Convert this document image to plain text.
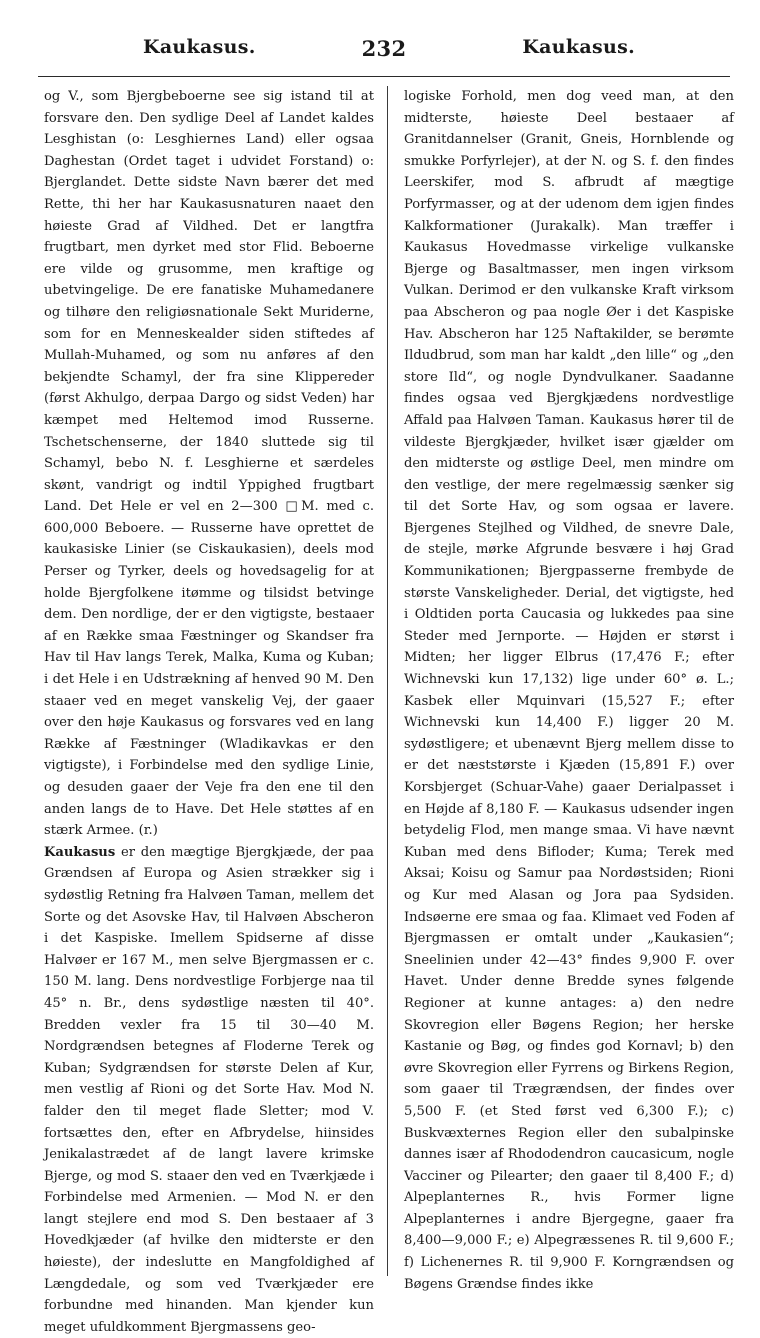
Kaukasus.	232	Kaukasus.

og V., som Bjergbeboerne see sig istand til at forsvare den. Den sydlige Deel af Landet kaldes Lesghistan (o: Lesghiernes Land) eller ogsaa Daghestan (Ordet taget i udvidet Forstand) o: Bjerglandet. Dette sidste Navn bærer det med Rette, thi her har Kaukasusnaturen naaet den høieste Grad af Vildhed. Det er langtfra frugtbart, men dyrket med stor Flid. Beboerne ere vilde og grusomme, men kraftige og ubetvingelige. De ere fanatiske Muhamedanere og tilhøre den religiøsnationale Sekt Muriderne, som for en Menneskealder siden stiftedes af Mullah-Muhamed, og som nu anføres af den bekjendte Schamyl, der fra sine Klippereder (først Akhulgo, derpaa Dargo og sidst Veden) har kæmpet med Heltemod imod Russerne. Tschetschenserne, der 1840 sluttede sig til Schamyl, bebo N. f. Lesghierne et særdeles skønt, vandrigt og indtil Yppighed frugtbart Land. Det Hele er vel en 2—300 □M. med c. 600,000 Beboere. — Russerne have oprettet de kaukasiske Linier (se Ciskaukasien), deels mod Perser og Tyrker, deels og hovedsagelig for at holde Bjergfolkene itømme og tilsidst betvinge dem. Den nordlige, der er den vigtigste, bestaaer af en Række smaa Fæstninger og Skandser fra Hav til Hav langs Terek, Malka, Kuma og Kuban; i det Hele i en Udstrækning af henved 90 M. Den staaer ved en meget vanskelig Vej, der gaaer over den høje Kaukasus og forsvares ved en lang Række af Fæstninger (Wladikavkas er den vigtigste), i Forbindelse med den sydlige Linie, og desuden gaaer der Veje fra den ene til den anden langs de to Have. Det Hele støttes af en stærk Armee. (r.)

Kaukasus er den mægtige Bjergkjæde, der paa Grændsen af Europa og Asien strækker sig i sydøstlig Retning fra Halvøen Taman, mellem det Sorte og det Asovske Hav, til Halvøen Abscheron i det Kaspiske. Imellem Spidserne af disse Halvøer er 167 M., men selve Bjergmassen er c. 150 M. lang. Dens nordvestlige Forbjerge naa til 45° n. Br., dens sydøstlige næsten til 40°. Bredden vexler fra 15 til 30—40 M. Nordgrændsen betegnes af Floderne Terek og Kuban; Sydgrændsen for største Delen af Kur, men vestlig af Rioni og det Sorte Hav. Mod N. falder den til meget flade Sletter; mod V. fortsættes den, efter en Afbrydelse, hiinsides Jenikalastrædet af de langt lavere krimske Bjerge, og mod S. staaer den ved en Tværkjæde i Forbindelse med Armenien. — Mod N. er den langt stejlere end mod S. Den bestaaer af 3 Hovedkjæder (af hvilke den midterste er den høieste), der indeslutte en Mangfoldighed af Længdedale, og som ved Tværkjæder ere forbundne med hinanden. Man kjender kun meget ufuldkomment Bjergmassens geo-

logiske Forhold, men dog veed man, at den midterste, høieste Deel bestaaer af Granitdannelser (Granit, Gneis, Hornblende og smukke Porfyrlejer), at der N. og S. f. den findes Leerskifer, mod S. afbrudt af mægtige Porfyrmasser, og at der udenom dem igjen findes Kalkformationer (Jurakalk). Man træffer i Kaukasus Hovedmasse virkelige vulkanske Bjerge og Basaltmasser, men ingen virksom Vulkan. Derimod er den vulkanske Kraft virksom paa Abscheron og paa nogle Øer i det Kaspiske Hav. Abscheron har 125 Naftakilder, se berømte Ildudbrud, som man har kaldt „den lille“ og „den store Ild“, og nogle Dyndvulkaner. Saadanne findes ogsaa ved Bjergkjædens nordvestlige Affald paa Halvøen Taman. Kaukasus hører til de vildeste Bjergkjæder, hvilket især gjælder om den midterste og østlige Deel, men mindre om den vestlige, der mere regelmæssig sænker sig til det Sorte Hav, og som ogsaa er lavere. Bjergenes Stejlhed og Vildhed, de snevre Dale, de stejle, mørke Afgrunde besvære i høj Grad Kommunikationen; Bjergpasserne frembyde de største Vanskeligheder. Derial, det vigtigste, hed i Oldtiden porta Caucasia og lukkedes paa sine Steder med Jernporte. — Højden er størst i Midten; her ligger Elbrus (17,476 F.; efter Wichnevski kun 17,132) lige under 60° ø. L.; Kasbek eller Mquinvari (15,527 F.; efter Wichnevski kun 14,400 F.) ligger 20 M. sydøstligere; et ubenævnt Bjerg mellem disse to er det næststørste i Kjæden (15,891 F.) over Korsbjerget (Schuar-Vahe) gaaer Derialpasset i en Højde af 8,180 F. — Kaukasus udsender ingen betydelig Flod, men mange smaa. Vi have nævnt Kuban med dens Bifloder; Kuma; Terek med Aksai; Koisu og Samur paa Nordøstsiden; Rioni og Kur med Alasan og Jora paa Sydsiden. Indsøerne ere smaa og faa. Klimaet ved Foden af Bjergmassen er omtalt under „Kaukasien“; Sneelinien under 42—43° findes 9,900 F. over Havet. Under denne Bredde synes følgende Regioner at kunne antages: a) den nedre Skovregion eller Bøgens Region; her herske Kastanie og Bøg, og findes god Kornavl; b) den øvre Skovregion eller Fyrrens og Birkens Region, som gaaer til Trægrændsen, der findes over 5,500 F. (et Sted først ved 6,300 F.); c) Buskvæxternes Region eller den subalpinske dannes især af Rhododendron caucasicum, nogle Vacciner og Pilearter; den gaaer til 8,400 F.; d) Alpeplanternes R., hvis Former ligne Alpeplanternes i andre Bjergegne, gaaer fra 8,400—9,000 F.; e) Alpegræssenes R. til 9,600 F.; f) Lichenernes R. til 9,900 F. Korngrændsen og Bøgens Grændse findes ikke
